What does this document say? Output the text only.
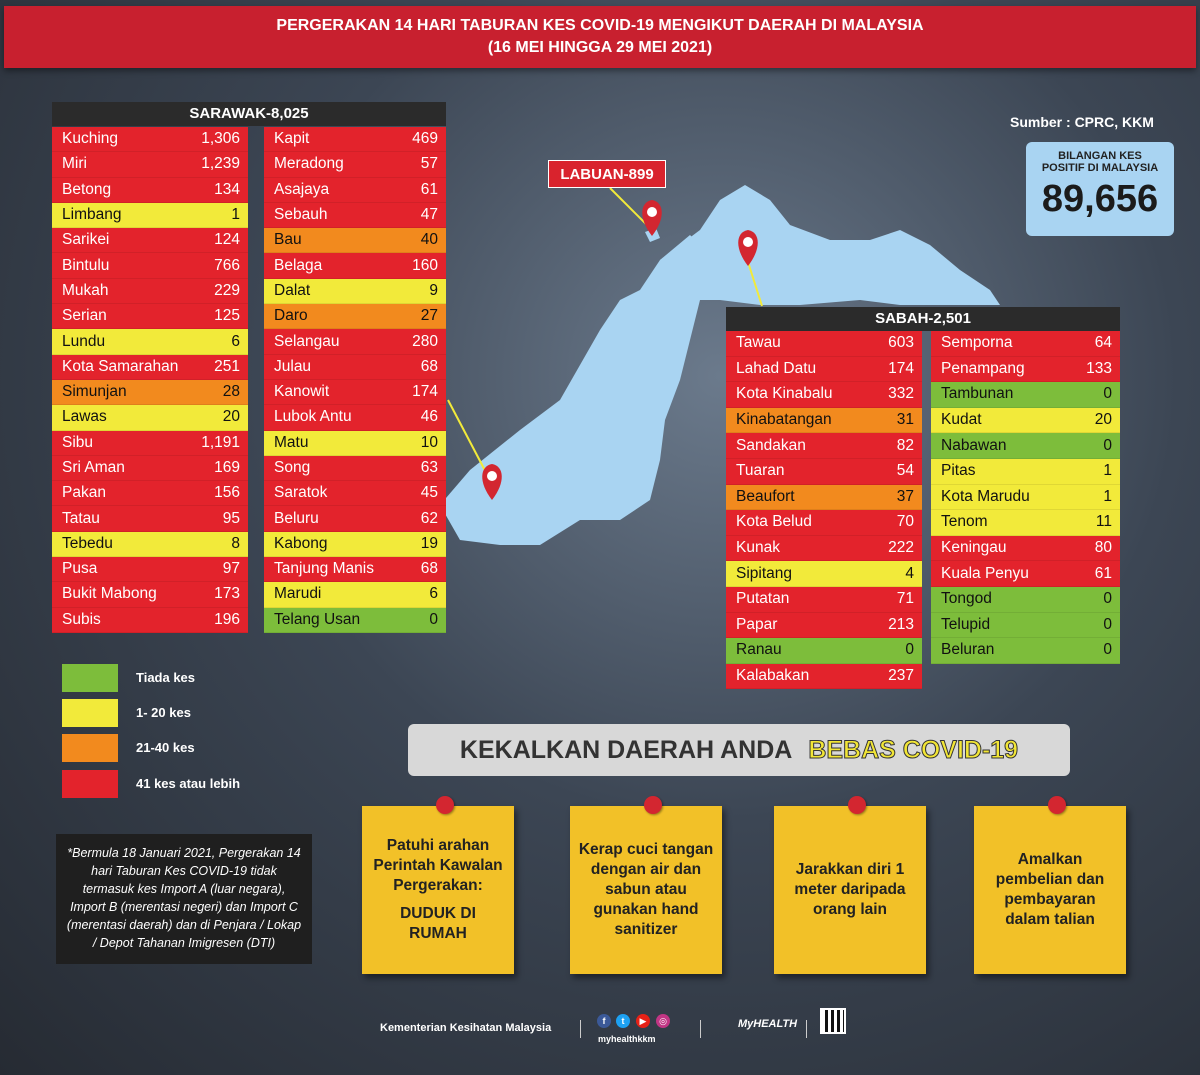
PERGERAKAN 14 HARI TABURAN KES COVID-19 MENGIKUT DAERAH DI MALAYSIA
(16 MEI HINGGA 29 MEI 2021)
Sumber : CPRC, KKM
BILANGAN KES
POSITIF DI MALAYSIA
89,656
LABUAN-899
SARAWAK-8,025
Kuching	1,306
Miri	1,239
Betong	134
Limbang	1
Sarikei	124
Bintulu	766
Mukah	229
Serian	125
Lundu	6
Kota Samarahan 251
Simunjan	28
Lawas	20
Sibu	1,191
Sri Aman	169
Pakan	156
Tatau	95
Tebedu	8
Pusa	97
Bukit Mabong	173
Subis	196
Kapit	469
Meradong	57
Asajaya	61
Sebauh	47
Bau	40
Belaga	160
Dalat	9
Daro	27
Selangau	280
Julau	68
Kanowit	174
Lubok Antu	46
Matu	10
Song	63
Saratok	45
Beluru	62
Kabong	19
Tanjung Manis	68
Marudi	6
Telang Usan	0
SABAH-2,501
Tawau	603
Lahad Datu	174
Kota Kinabalu	332
Kinabatangan	31
Sandakan	82
Tuaran	54
Beaufort	37
Kota Belud	70
Kunak	222
Sipitang	4
Putatan	71
Papar	213
Ranau	0
Kalabakan	237
Semporna	64
Penampang	133
Tambunan	0
Kudat	20
Nabawan	0
Pitas	1
Kota Marudu	1
Tenom	11
Keningau	80
Kuala Penyu	61
Tongod	0
Telupid	0
Beluran	0
Tiada kes
1- 20 kes
21-40 kes
41 kes atau lebih
*Bermula 18 Januari 2021, Pergerakan 14 hari Taburan Kes COVID-19 tidak termasuk kes Import A (luar negara), Import B (merentasi negeri) dan Import C (merentasi daerah) dan di Penjara / Lokap / Depot Tahanan Imigresen (DTI)
KEKALKAN DAERAH ANDA BEBAS COVID-19
Patuhi arahan Perintah Kawalan Pergerakan:
DUDUK DI RUMAH
Kerap cuci tangan dengan air dan sabun atau gunakan hand sanitizer
Jarakkan diri 1 meter daripada orang lain
Amalkan pembelian dan pembayaran dalam talian
Kementerian Kesihatan Malaysia
f	t	▶	◎
myhealthkkm
MyHEALTH
